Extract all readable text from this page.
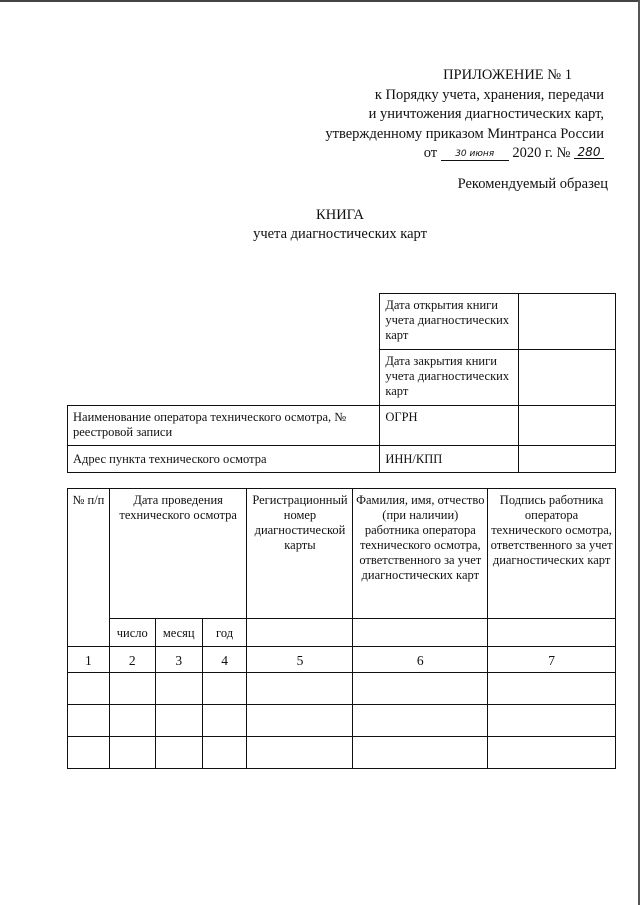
ПРИЛОЖЕНИЕ № 1
к Порядку учета, хранения, передачи
и уничтожения диагностических карт,
утвержденному приказом Минтранса России
от 30 июня 2020 г. № 280
Рекомендуемый образец
КНИГА
учета диагностических карт
	Дата открытия книги учета диагностических карт	
	Дата закрытия книги учета диагностических карт	
Наименование оператора технического осмотра, № реестровой записи	ОГРН	
Адрес пункта технического осмотра	ИНН/КПП	
№ п/п	Дата проведения технического осмотра			Регистрационный номер диагностической карты	Фамилия, имя, отчество (при наличии) работника оператора технического осмотра, ответственного за учет диагностических карт	Подпись работника оператора технического осмотра, ответственного за учет диагностических карт
	число	месяц	год			
1	2	3	4	5	6	7
